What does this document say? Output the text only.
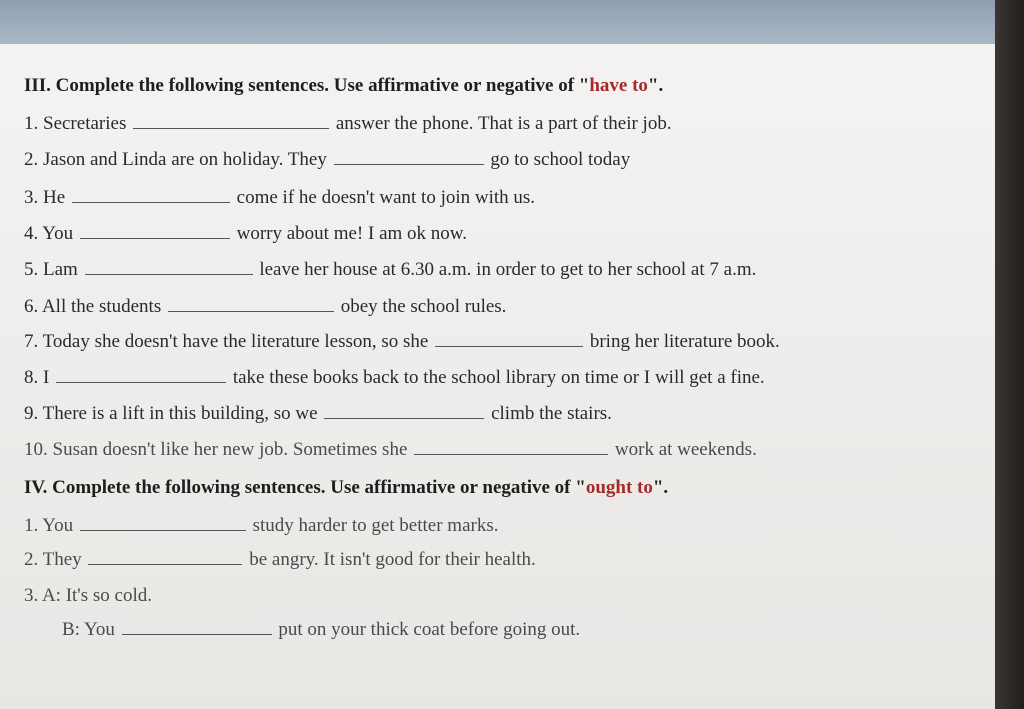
III. Complete the following sentences. Use affirmative or negative of "have to".
1. Secretaries	answer the phone. That is a part of their job.
2. Jason and Linda are on holiday. They	go to school today
3. He	come if he doesn't want to join with us.
4. You	worry about me! I am ok now.
5. Lam	leave her house at 6.30 a.m. in order to get to her school at 7 a.m.
6. All the students	obey the school rules.
7. Today she doesn't have the literature lesson, so she	bring her literature book.
8. I	take these books back to the school library on time or I will get a fine.
9. There is a lift in this building, so we	climb the stairs.
10. Susan doesn't like her new job. Sometimes she	work at weekends.
IV. Complete the following sentences. Use affirmative or negative of "ought to".
1. You	study harder to get better marks.
2. They	be angry. It isn't good for their health.
3. A: It's so cold.
B: You	put on your thick coat before going out.
